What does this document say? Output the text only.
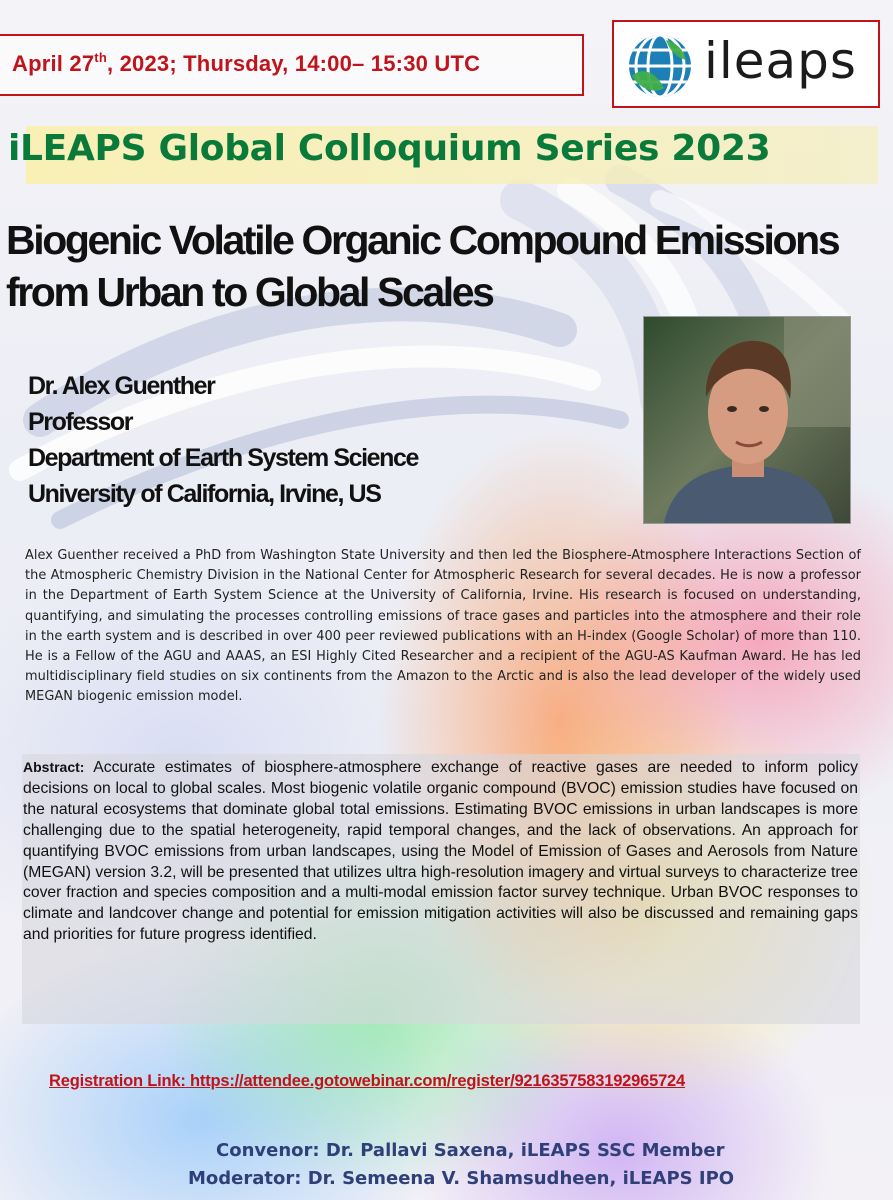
April 27th, 2023; Thursday, 14:00– 15:30 UTC	ileaps
iLEAPS Global Colloquium Series 2023
Biogenic Volatile Organic Compound Emissions from Urban to Global Scales
Dr. Alex Guenther
Professor
Department of Earth System Science
University of California, Irvine, US
Alex Guenther received a PhD from Washington State University and then led the Biosphere-Atmosphere Interactions Section of the Atmospheric Chemistry Division in the National Center for Atmospheric Research for several decades. He is now a professor in the Department of Earth System Science at the University of California, Irvine. His research is focused on understanding, quantifying, and simulating the processes controlling emissions of trace gases and particles into the atmosphere and their role in the earth system and is described in over 400 peer reviewed publications with an H-index (Google Scholar) of more than 110. He is a Fellow of the AGU and AAAS, an ESI Highly Cited Researcher and a recipient of the AGU-AS Kaufman Award. He has led multidisciplinary field studies on six continents from the Amazon to the Arctic and is also the lead developer of the widely used MEGAN biogenic emission model.
Abstract: Accurate estimates of biosphere-atmosphere exchange of reactive gases are needed to inform policy decisions on local to global scales. Most biogenic volatile organic compound (BVOC) emission studies have focused on the natural ecosystems that dominate global total emissions. Estimating BVOC emissions in urban landscapes is more challenging due to the spatial heterogeneity, rapid temporal changes, and the lack of observations. An approach for quantifying BVOC emissions from urban landscapes, using the Model of Emission of Gases and Aerosols from Nature (MEGAN) version 3.2, will be presented that utilizes ultra high-resolution imagery and virtual surveys to characterize tree cover fraction and species composition and a multi-modal emission factor survey technique. Urban BVOC responses to climate and landcover change and potential for emission mitigation activities will also be discussed and remaining gaps and priorities for future progress identified.
Registration Link: https://attendee.gotowebinar.com/register/9216357583192965724
Convenor: Dr. Pallavi Saxena, iLEAPS SSC Member
Moderator: Dr. Semeena V. Shamsudheen, iLEAPS IPO
